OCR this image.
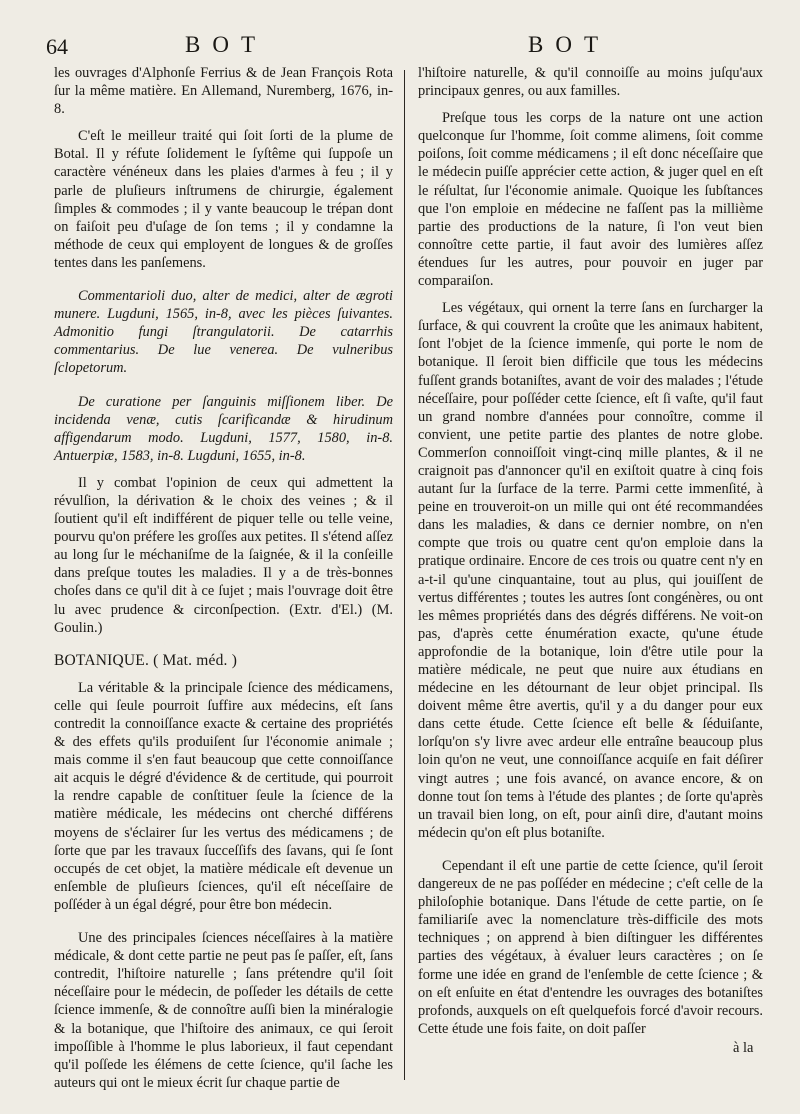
64	BOT	BOT

les ouvrages d'Alphonſe Ferrius & de Jean François Rota ſur la même matière. En Allemand, Nuremberg, 1676, in-8.

C'eſt le meilleur traité qui ſoit ſorti de la plume de Botal. Il y réfute ſolidement le ſyſtême qui ſuppoſe un caractère vénéneux dans les plaies d'armes à feu ; il y parle de pluſieurs inſtrumens de chirurgie, également ſimples & commodes ; il y vante beaucoup le trépan dont on faiſoit peu d'uſage de ſon tems ; il y condamne la méthode de ceux qui employent de longues & de groſſes tentes dans les panſemens.

Commentarioli duo, alter de medici, alter de ægroti munere. Lugduni, 1565, in-8, avec les pièces ſuivantes. Admonitio fungi ſtrangulatorii. De catarrhis commentarius. De lue venerea. De vulneribus ſclopetorum.

De curatione per ſanguinis miſſionem liber. De incidenda venæ, cutis ſcarificandæ & hirudinum affigendarum modo. Lugduni, 1577, 1580, in-8. Antuerpiæ, 1583, in-8. Lugduni, 1655, in-8.

Il y combat l'opinion de ceux qui admettent la révulſion, la dérivation & le choix des veines ; & il ſoutient qu'il eſt indifférent de piquer telle ou telle veine, pourvu qu'on préfere les groſſes aux petites. Il s'étend aſſez au long ſur le méchaniſme de la ſaignée, & il la conſeille dans preſque toutes les maladies. Il y a de très-bonnes choſes dans ce qu'il dit à ce ſujet ; mais l'ouvrage doit être lu avec prudence & circonſpection. (Extr. d'El.) (M. Goulin.)

BOTANIQUE. ( Mat. méd. )

La véritable & la principale ſcience des médicamens, celle qui ſeule pourroit ſuffire aux médecins, eſt ſans contredit la connoiſſance exacte & certaine des propriétés & des effets qu'ils produiſent ſur l'économie animale ; mais comme il s'en faut beaucoup que cette connoiſſance ait acquis le dégré d'évidence & de certitude, qui pourroit la rendre capable de conſtituer ſeule la ſcience de la matière médicale, les médecins ont cherché différens moyens de s'éclairer ſur les vertus des médicamens ; de ſorte que par les travaux ſucceſſifs des ſavans, qui ſe ſont occupés de cet objet, la matière médicale eſt devenue un enſemble de pluſieurs ſciences, qu'il eſt néceſſaire de poſſéder à un égal dégré, pour être bon médecin.

Une des principales ſciences néceſſaires à la matière médicale, & dont cette partie ne peut pas ſe paſſer, eſt, ſans contredit, l'hiſtoire naturelle ; ſans prétendre qu'il ſoit néceſſaire pour le médecin, de poſſeder les détails de cette ſcience immenſe, & de connoître auſſi bien la minéralogie & la botanique, que l'hiſtoire des animaux, ce qui ſeroit impoſſible à l'homme le plus laborieux, il faut cependant qu'il poſſede les élémens de cette ſcience, qu'il ſache les auteurs qui ont le mieux écrit ſur chaque partie de

l'hiſtoire naturelle, & qu'il connoiſſe au moins juſqu'aux principaux genres, ou aux familles.

Preſque tous les corps de la nature ont une action quelconque ſur l'homme, ſoit comme alimens, ſoit comme poiſons, ſoit comme médicamens ; il eſt donc néceſſaire que le médecin puiſſe apprécier cette action, & juger quel en eſt le réſultat, ſur l'économie animale. Quoique les ſubſtances que l'on emploie en médecine ne faſſent pas la millième partie des productions de la nature, ſi l'on veut bien connoître cette partie, il faut avoir des lumières aſſez étendues ſur les autres, pour pouvoir en juger par comparaiſon.

Les végétaux, qui ornent la terre ſans en ſurcharger la ſurface, & qui couvrent la croûte que les animaux habitent, ſont l'objet de la ſcience immenſe, qui porte le nom de botanique. Il ſeroit bien difficile que tous les médecins fuſſent grands botaniſtes, avant de voir des malades ; l'étude néceſſaire, pour poſſéder cette ſcience, eſt ſi vaſte, qu'il faut un grand nombre d'années pour connoître, comme il convient, une petite partie des plantes de notre globe. Commerſon connoiſſoit vingt-cinq mille plantes, & il ne craignoit pas d'annoncer qu'il en exiſtoit quatre à cinq fois autant ſur la ſurface de la terre. Parmi cette immenſité, à peine en trouveroit-on un mille qui ont été recommandées dans les maladies, & dans ce dernier nombre, on n'en compte que trois ou quatre cent qu'on emploie dans la pratique ordinaire. Encore de ces trois ou quatre cent n'y en a-t-il qu'une cinquantaine, tout au plus, qui jouiſſent de vertus différentes ; toutes les autres ſont congénères, ou ont les mêmes propriétés dans des dégrés différens. Ne voit-on pas, d'après cette énumération exacte, qu'une étude approfondie de la botanique, loin d'être utile pour la matière médicale, ne peut que nuire aux étudians en médecine en les détournant de leur objet principal. Ils doivent même être avertis, qu'il y a du danger pour eux dans cette étude. Cette ſcience eſt belle & ſéduiſante, lorſqu'on s'y livre avec ardeur elle entraîne beaucoup plus loin qu'on ne veut, une connoiſſance acquiſe en fait déſirer vingt autres ; une fois avancé, on avance encore, & on donne tout ſon tems à l'étude des plantes ; de ſorte qu'après un travail bien long, on eſt, pour ainſi dire, d'autant moins médecin qu'on eſt plus botaniſte.

Cependant il eſt une partie de cette ſcience, qu'il ſeroit dangereux de ne pas poſſéder en médecine ; c'eſt celle de la philoſophie botanique. Dans l'étude de cette partie, on ſe familiariſe avec la nomenclature très-difficile des mots techniques ; on apprend à bien diſtinguer les différentes parties des végétaux, à évaluer leurs caractères ; on ſe forme une idée en grand de l'enſemble de cette ſcience ; & on eſt enſuite en état d'entendre les ouvrages des botaniſtes profonds, auxquels on eſt quelquefois forcé d'avoir recours. Cette étude une fois faite, on doit paſſer

à la
